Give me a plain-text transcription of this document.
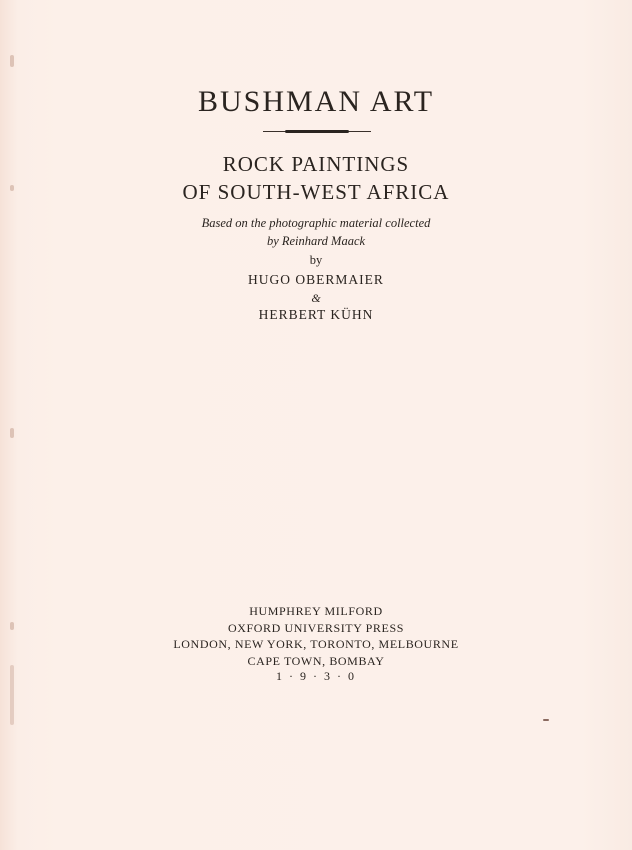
BUSHMAN ART
ROCK PAINTINGS
OF SOUTH-WEST AFRICA
Based on the photographic material collected
by Reinhard Maack
by
HUGO OBERMAIER
&
HERBERT KÜHN
HUMPHREY MILFORD
OXFORD UNIVERSITY PRESS
LONDON, NEW YORK, TORONTO, MELBOURNE
CAPE TOWN, BOMBAY
1 · 9 · 3 · 0
